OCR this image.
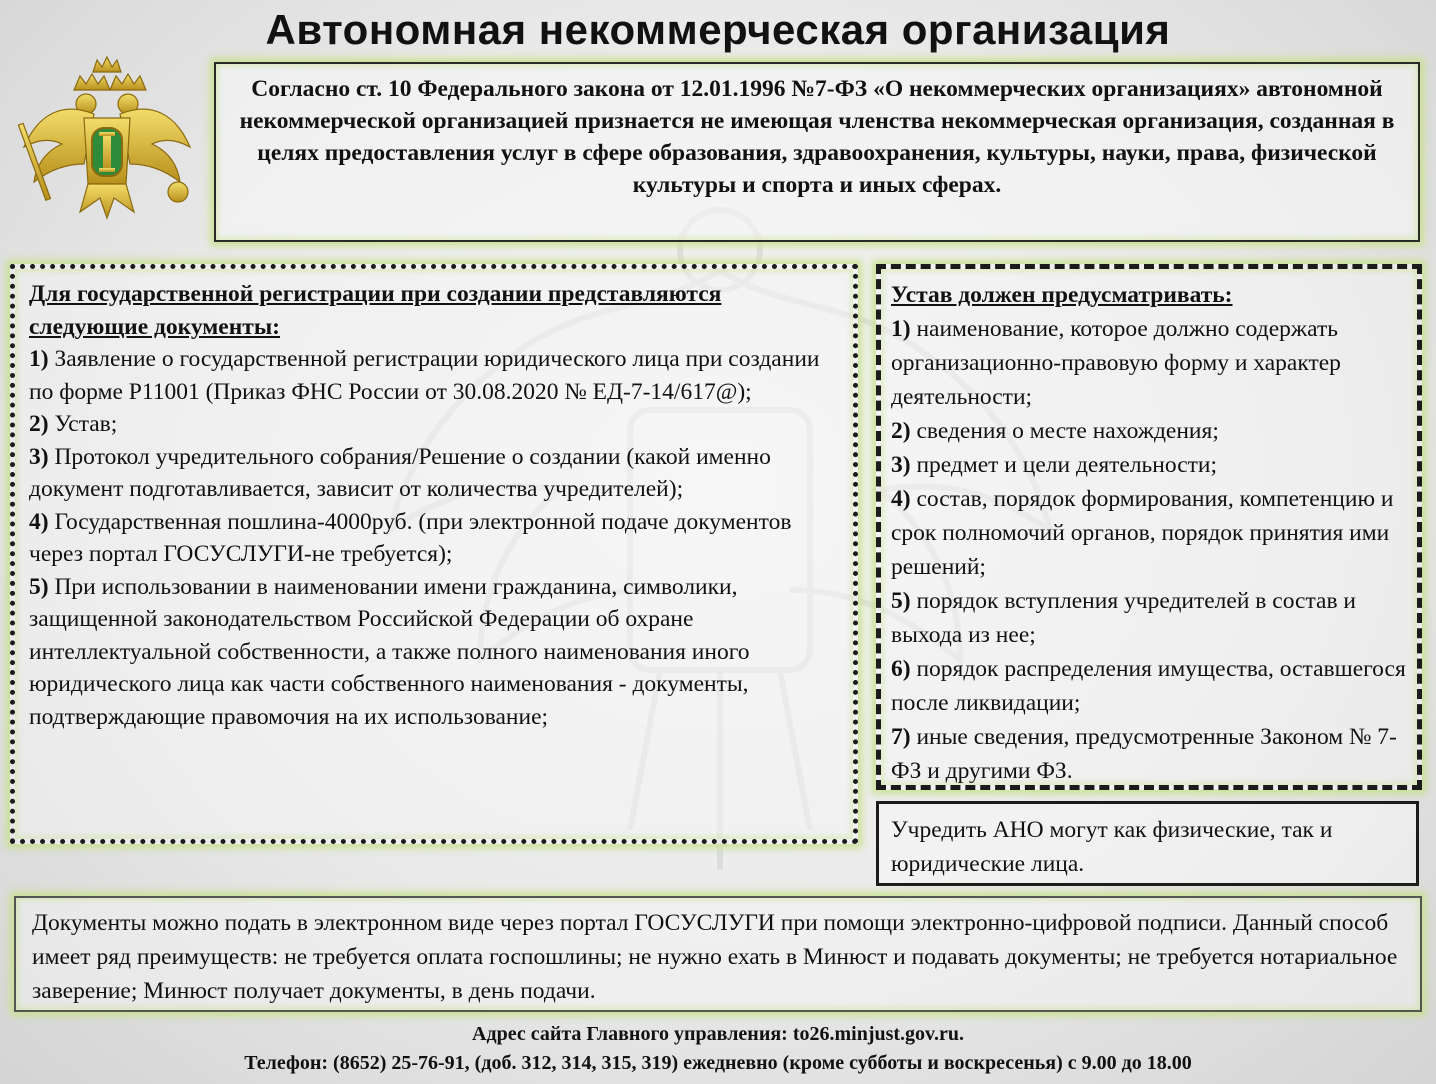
Автономная некоммерческая организация
Согласно ст. 10 Федерального закона от 12.01.1996 №7-ФЗ «О некоммерческих организациях» автономной некоммерческой организацией признается не имеющая членства некоммерческая организация, созданная в целях предоставления услуг в сфере образования, здравоохранения, культуры, науки, права, физической культуры и спорта и иных сферах.
Для государственной регистрации при создании представляются следующие документы:
1) Заявление о государственной регистрации юридического лица при создании по форме Р11001 (Приказ ФНС России от 30.08.2020 № ЕД-7-14/617@);
2) Устав;
3) Протокол учредительного собрания/Решение о создании (какой именно документ подготавливается, зависит от количества учредителей);
4) Государственная пошлина-4000руб. (при электронной подаче документов через портал ГОСУСЛУГИ-не требуется);
5) При использовании в наименовании имени гражданина, символики, защищенной законодательством Российской Федерации об охране интеллектуальной собственности, а также полного наименования иного юридического лица как части собственного наименования - документы, подтверждающие правомочия на их использование;
Устав должен предусматривать:
1) наименование, которое должно содержать организационно-правовую форму и характер деятельности;
2) сведения о месте нахождения;
3) предмет и цели деятельности;
4) состав, порядок формирования, компетенцию и срок полномочий органов, порядок принятия ими решений;
5) порядок вступления учредителей в состав и выхода из нее;
6) порядок распределения имущества, оставшегося после ликвидации;
7) иные сведения, предусмотренные Законом № 7-ФЗ и другими ФЗ.
Учредить АНО могут как физические, так и юридические лица.
Документы можно подать в электронном виде через портал ГОСУСЛУГИ при помощи электронно-цифровой подписи. Данный способ имеет ряд преимуществ: не требуется оплата госпошлины; не нужно ехать в Минюст и подавать документы; не требуется нотариальное заверение; Минюст получает документы, в день подачи.
Адрес сайта Главного управления: to26.minjust.gov.ru.
Телефон: (8652) 25-76-91, (доб. 312, 314, 315, 319) ежедневно (кроме субботы и воскресенья) с 9.00 до 18.00
